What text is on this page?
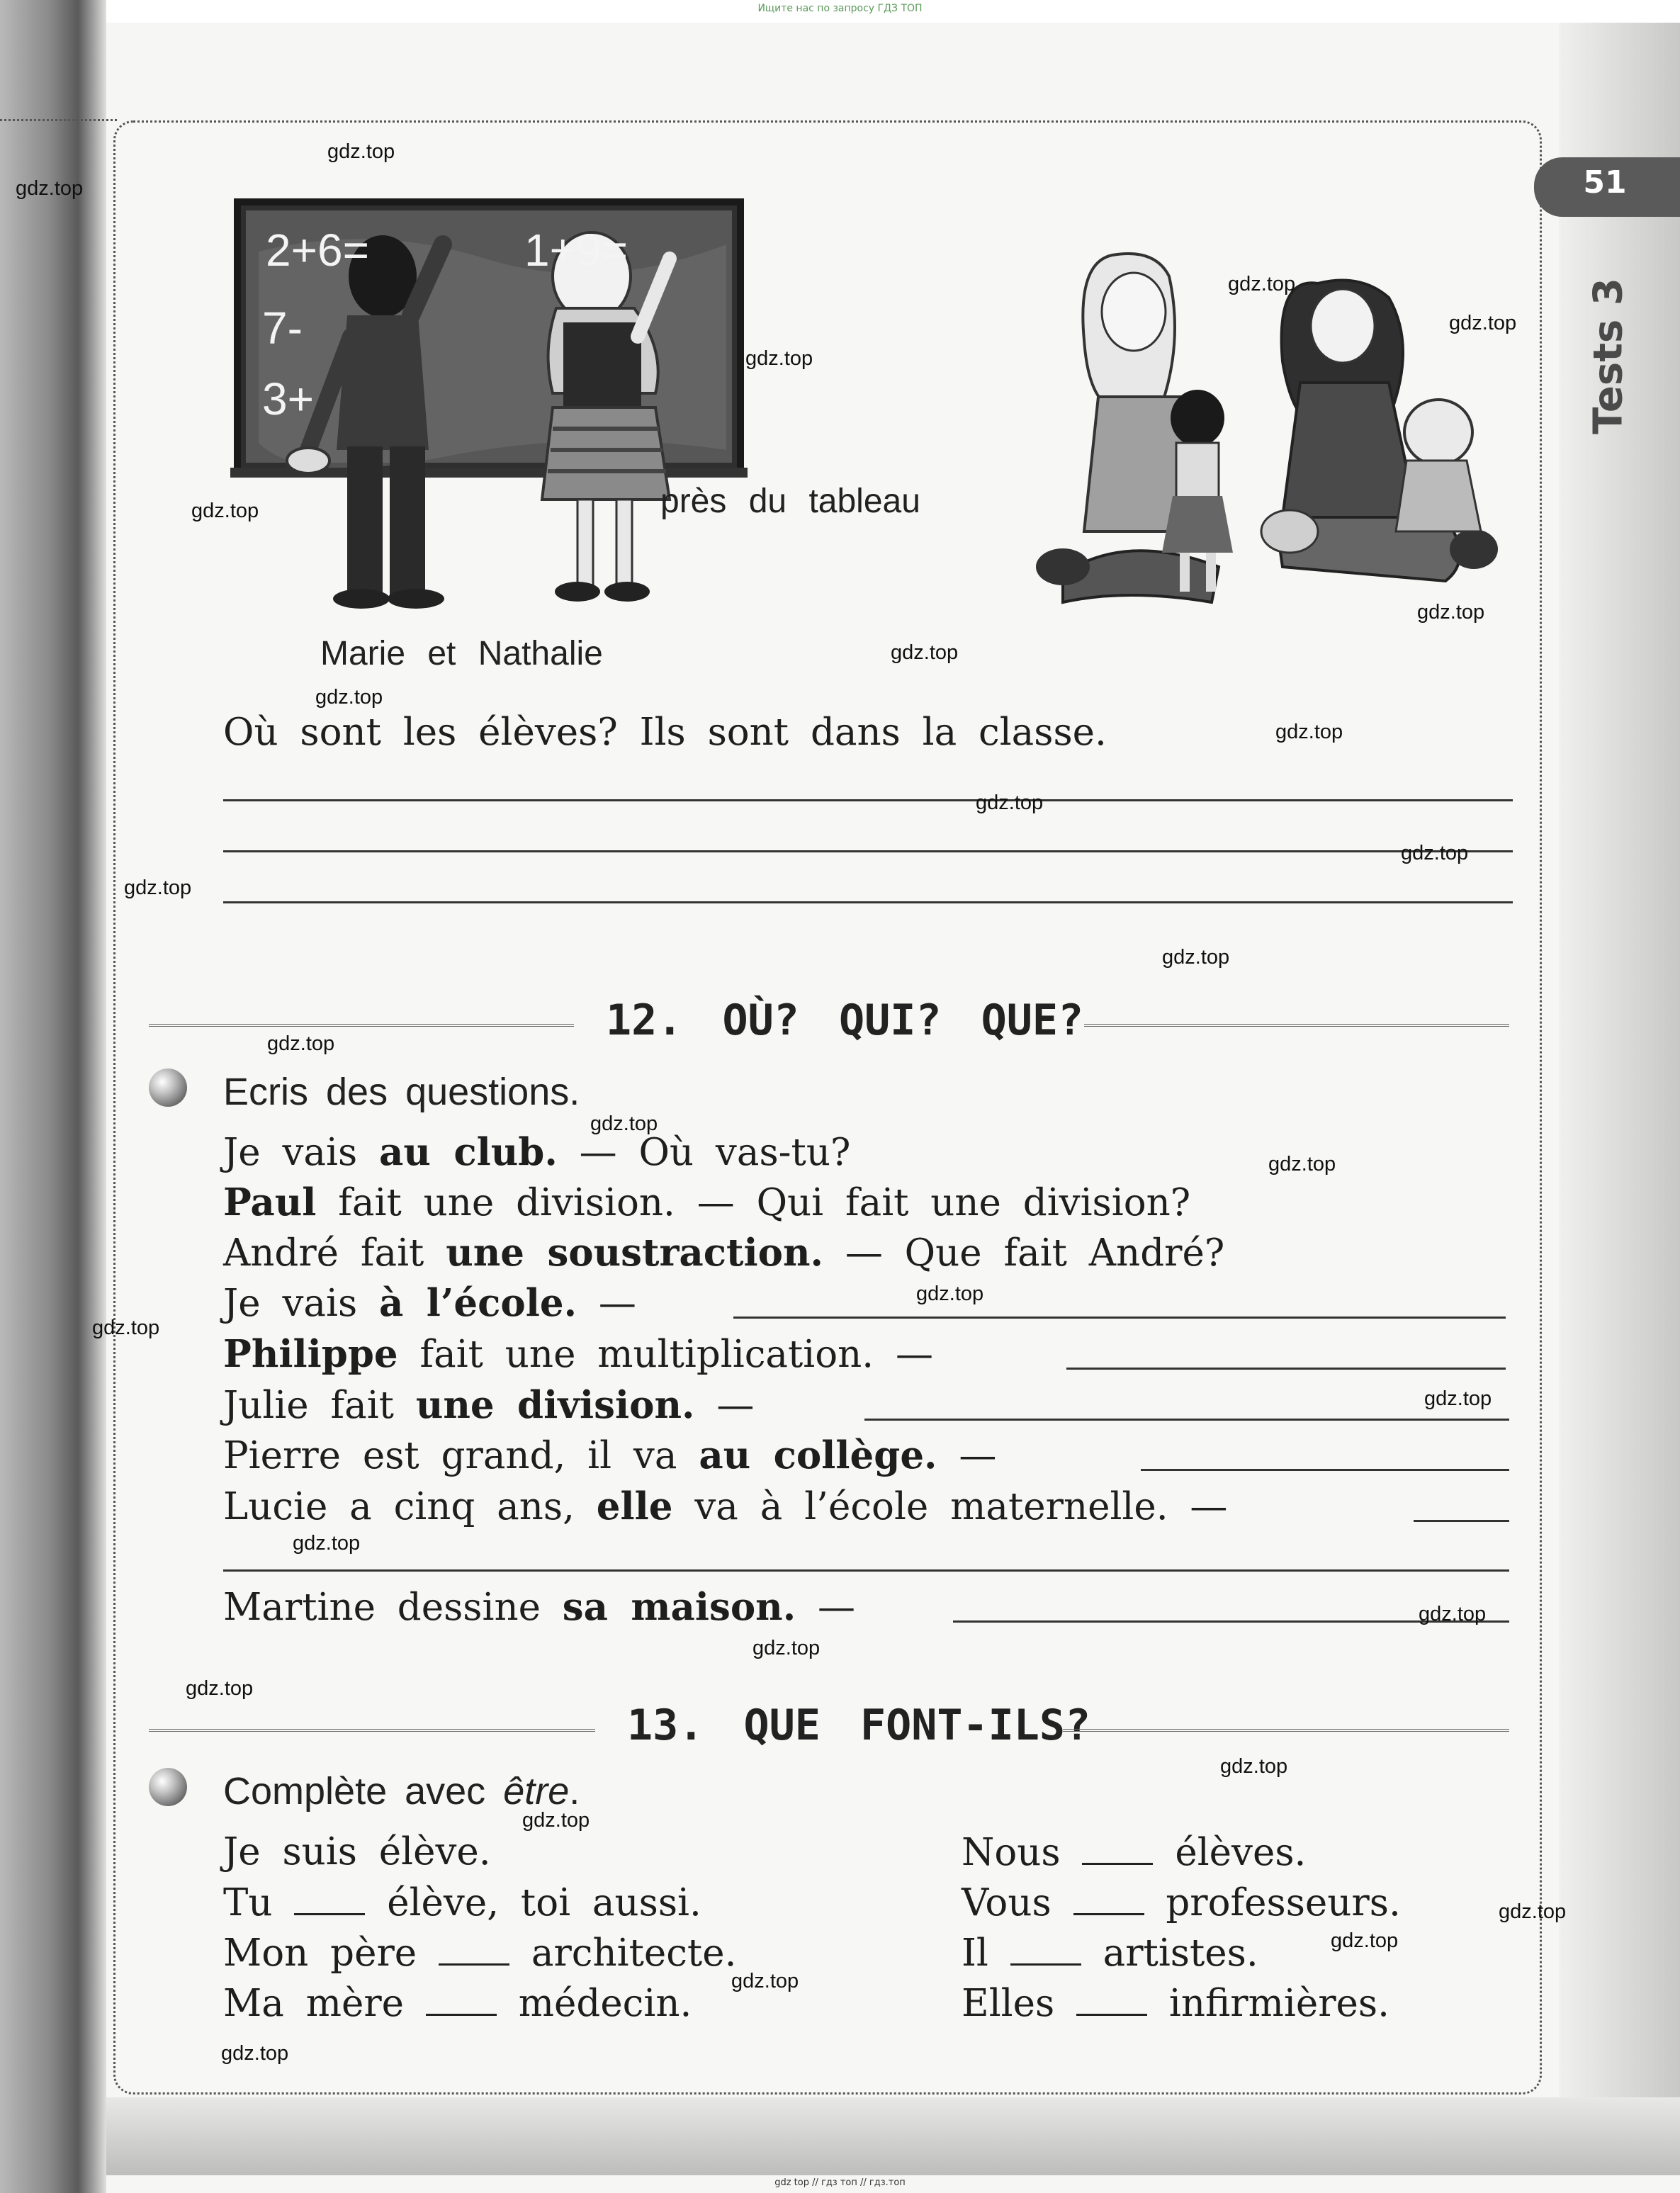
Ищите нас по запросу ГДЗ ТОП
gdz top // гдз топ // гдз.топ
51
Tests 3
2+6=	1+9=
7-
3+
près du tableau
Marie et Nathalie
Où sont les élèves? Ils sont dans la classe.
12. OÙ? QUI? QUE?
Ecris des questions.
Je vais au club. — Où vas-tu?
Paul fait une division. — Qui fait une division?
André fait une soustraction. — Que fait André?
Je vais à l’école. —
Philippe fait une multiplication. —
Julie fait une division. —
Pierre est grand, il va au collège. —
Lucie a cinq ans, elle va à l’école maternelle. —
Martine dessine sa maison. —
13. QUE FONT-ILS?
Complète avec être.
Je suis élève.
Tu	élève, toi aussi.
Mon père	architecte.
Ma mère	médecin.
Nous	élèves.
Vous	professeurs.
Il	artistes.
Elles	infirmières.
gdz.top
gdz.top
gdz.top
gdz.top
gdz.top
gdz.top
gdz.top
gdz.top
gdz.top
gdz.top
gdz.top
gdz.top
gdz.top
gdz.top
gdz.top
gdz.top
gdz.top
gdz.top
gdz.top
gdz.top
gdz.top
gdz.top
gdz.top
gdz.top
gdz.top
gdz.top
gdz.top
gdz.top
gdz.top
gdz.top
